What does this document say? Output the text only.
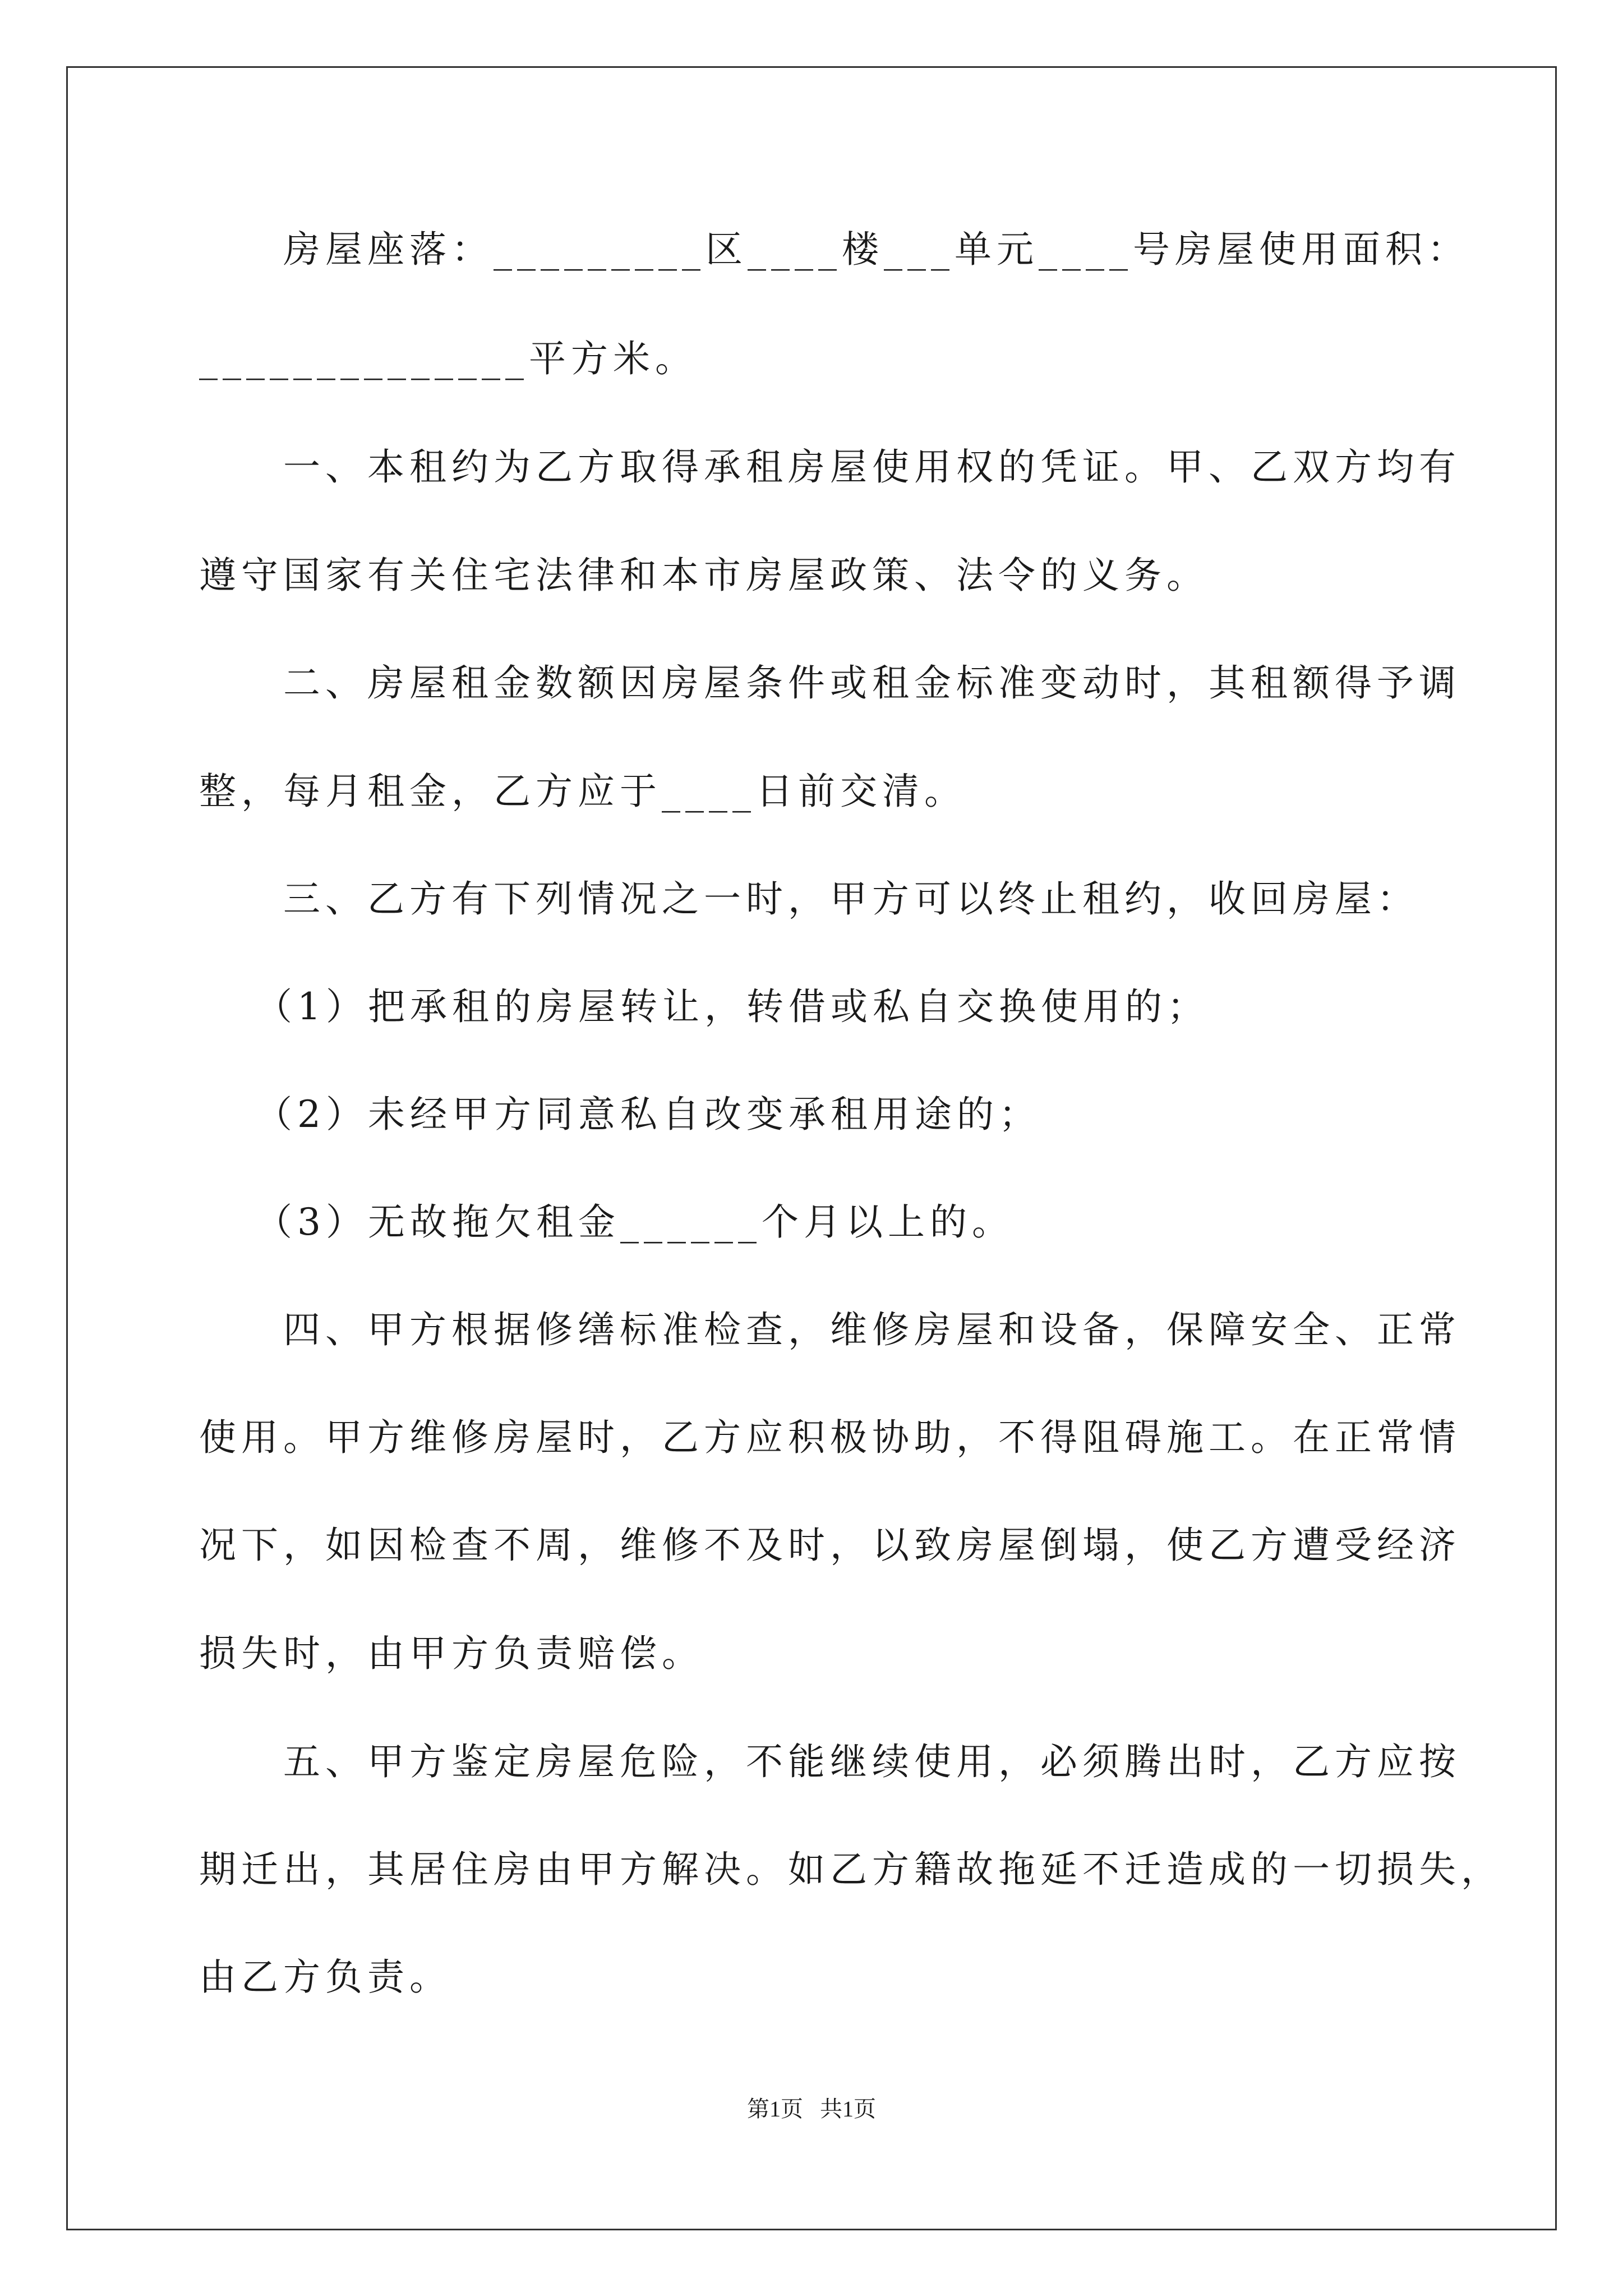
房屋座落：_________区____楼___单元____号房屋使用面积：

______________平方米。

一、本租约为乙方取得承租房屋使用权的凭证。甲、乙双方均有

遵守国家有关住宅法律和本市房屋政策、法令的义务。

二、房屋租金数额因房屋条件或租金标准变动时，其租额得予调

整，每月租金，乙方应于____日前交清。

三、乙方有下列情况之一时，甲方可以终止租约，收回房屋：

（1）把承租的房屋转让，转借或私自交换使用的；

（2）未经甲方同意私自改变承租用途的；

（3）无故拖欠租金______个月以上的。

四、甲方根据修缮标准检查，维修房屋和设备，保障安全、正常

使用。甲方维修房屋时，乙方应积极协助，不得阻碍施工。在正常情

况下，如因检查不周，维修不及时，以致房屋倒塌，使乙方遭受经济

损失时，由甲方负责赔偿。

五、甲方鉴定房屋危险，不能继续使用，必须腾出时，乙方应按

期迁出，其居住房由甲方解决。如乙方籍故拖延不迁造成的一切损失，

由乙方负责。

第1页   共1页
